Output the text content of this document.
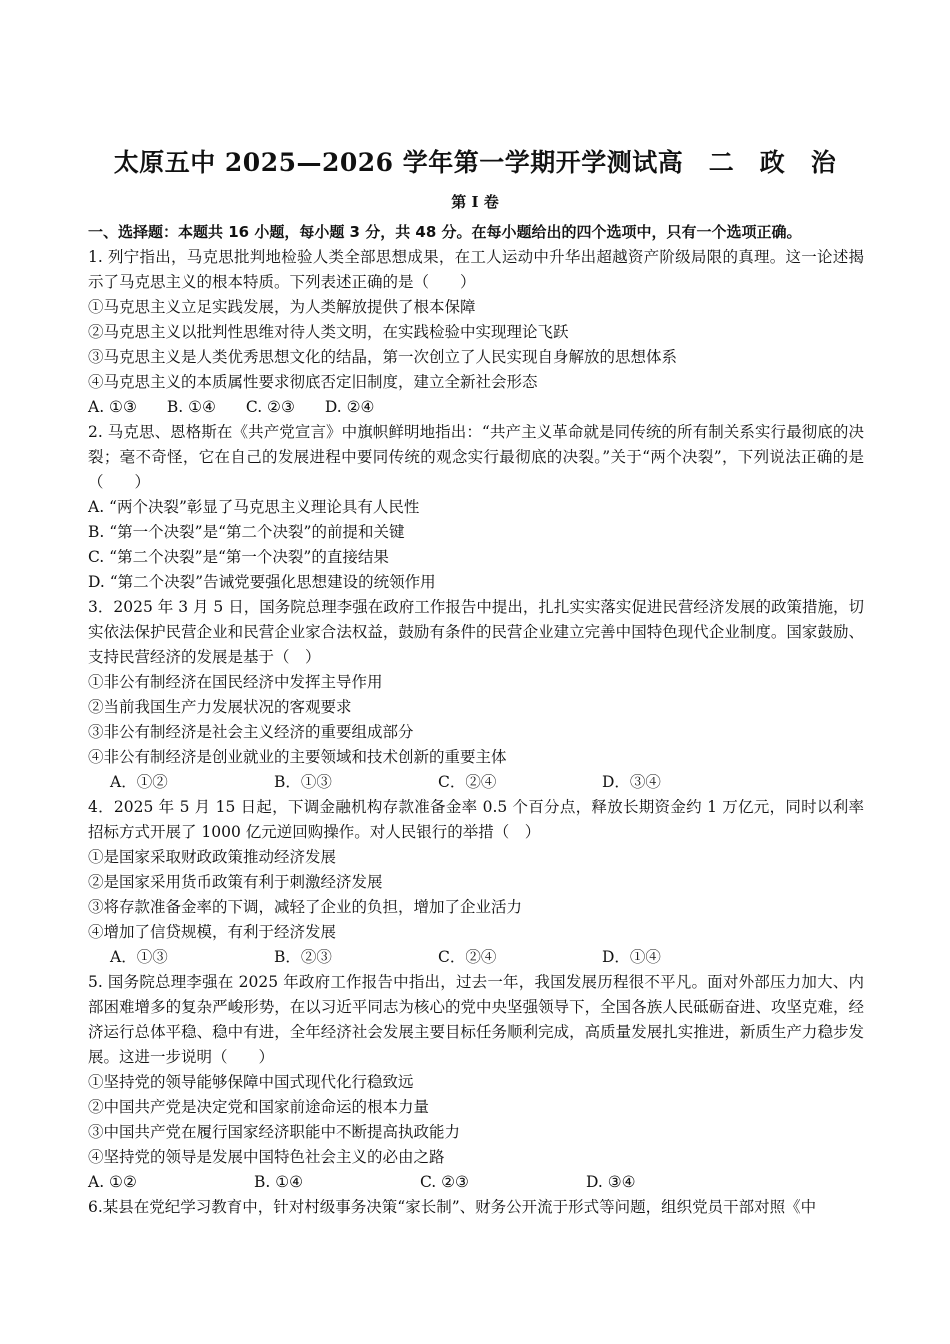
太原五中 2025—2026 学年第一学期开学测试高　二　政　治
第 I 卷
一、选择题：本题共 16 小题，每小题 3 分，共 48 分。在每小题给出的四个选项中，只有一个选项正确。
1. 列宁指出，马克思批判地检验人类全部思想成果，在工人运动中升华出超越资产阶级局限的真理。这一论述揭示了马克思主义的根本特质。下列表述正确的是（　　）
①马克思主义立足实践发展，为人类解放提供了根本保障
②马克思主义以批判性思维对待人类文明，在实践检验中实现理论飞跃
③马克思主义是人类优秀思想文化的结晶，第一次创立了人民实现自身解放的思想体系
④马克思主义的本质属性要求彻底否定旧制度，建立全新社会形态
A. ①③ B. ①④ C. ②③ D. ②④
2. 马克思、恩格斯在《共产党宣言》中旗帜鲜明地指出：“共产主义革命就是同传统的所有制关系实行最彻底的决裂；毫不奇怪，它在自己的发展进程中要同传统的观念实行最彻底的决裂。”关于“两个决裂”，下列说法正确的是（　　）
A. “两个决裂”彰显了马克思主义理论具有人民性
B. “第一个决裂”是“第二个决裂”的前提和关键
C. “第二个决裂”是“第一个决裂”的直接结果
D. “第二个决裂”告诫党要强化思想建设的统领作用
3．2025 年 3 月 5 日，国务院总理李强在政府工作报告中提出，扎扎实实落实促进民营经济发展的政策措施，切实依法保护民营企业和民营企业家合法权益，鼓励有条件的民营企业建立完善中国特色现代企业制度。国家鼓励、支持民营经济的发展是基于（　）
①非公有制经济在国民经济中发挥主导作用
②当前我国生产力发展状况的客观要求
③非公有制经济是社会主义经济的重要组成部分
④非公有制经济是创业就业的主要领域和技术创新的重要主体
A．①②	B．①③	C．②④	D．③④
4．2025 年 5 月 15 日起，下调金融机构存款准备金率 0.5 个百分点，释放长期资金约 1 万亿元，同时以利率招标方式开展了 1000 亿元逆回购操作。对人民银行的举措（　）
①是国家采取财政政策推动经济发展
②是国家采用货币政策有利于刺激经济发展
③将存款准备金率的下调，减轻了企业的负担，增加了企业活力
④增加了信贷规模，有利于经济发展
A．①③	B．②③	C．②④	D．①④
5. 国务院总理李强在 2025 年政府工作报告中指出，过去一年，我国发展历程很不平凡。面对外部压力加大、内部困难增多的复杂严峻形势，在以习近平同志为核心的党中央坚强领导下，全国各族人民砥砺奋进、攻坚克难，经济运行总体平稳、稳中有进，全年经济社会发展主要目标任务顺利完成，高质量发展扎实推进，新质生产力稳步发展。这进一步说明（　　）
①坚持党的领导能够保障中国式现代化行稳致远
②中国共产党是决定党和国家前途命运的根本力量
③中国共产党在履行国家经济职能中不断提高执政能力
④坚持党的领导是发展中国特色社会主义的必由之路
A. ①②	B. ①④	C. ②③	D. ③④
6.某县在党纪学习教育中，针对村级事务决策“家长制”、财务公开流于形式等问题，组织党员干部对照《中
